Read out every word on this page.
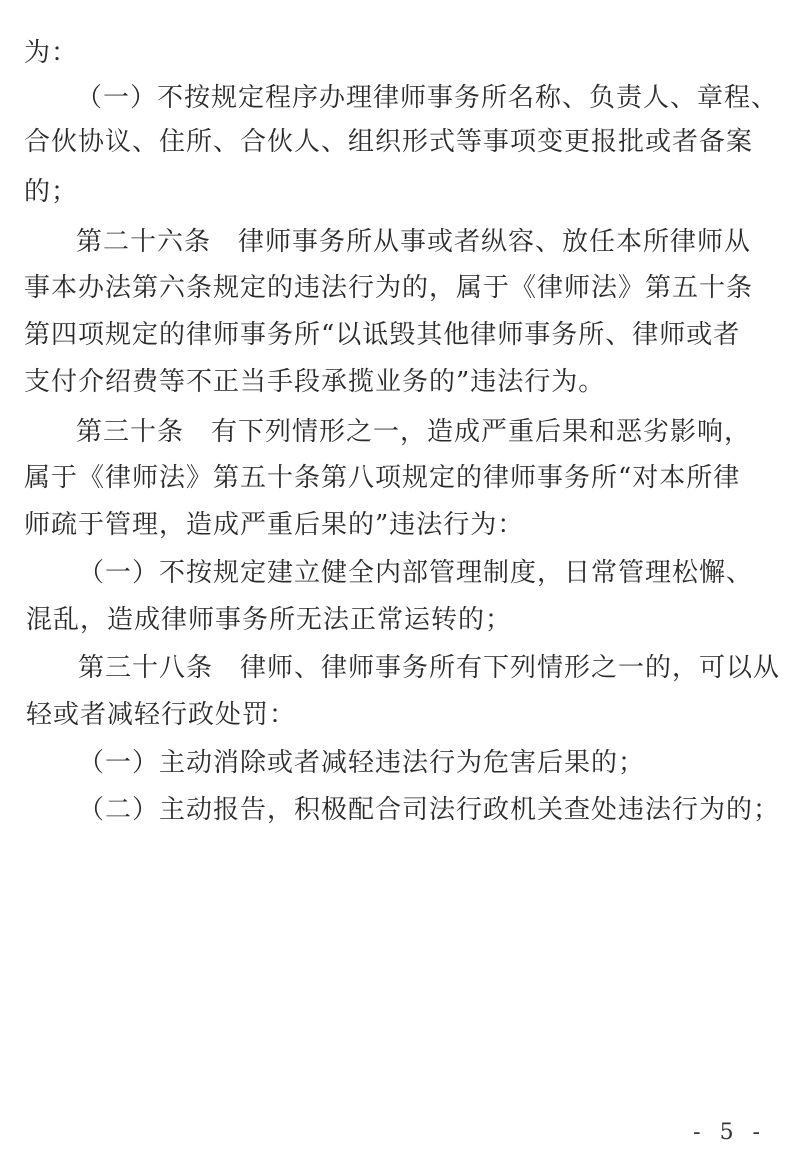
为：
（一）不按规定程序办理律师事务所名称、负责人、章程、
合伙协议、住所、合伙人、组织形式等事项变更报批或者备案
的；
第二十六条　律师事务所从事或者纵容、放任本所律师从
事本办法第六条规定的违法行为的，属于《律师法》第五十条
第四项规定的律师事务所“以诋毁其他律师事务所、律师或者
支付介绍费等不正当手段承揽业务的”违法行为。
第三十条　有下列情形之一，造成严重后果和恶劣影响，
属于《律师法》第五十条第八项规定的律师事务所“对本所律
师疏于管理，造成严重后果的”违法行为：
（一）不按规定建立健全内部管理制度，日常管理松懈、
混乱，造成律师事务所无法正常运转的；
第三十八条　律师、律师事务所有下列情形之一的，可以从
轻或者减轻行政处罚：
（一）主动消除或者减轻违法行为危害后果的；
（二）主动报告，积极配合司法行政机关查处违法行为的；
- 5 -
